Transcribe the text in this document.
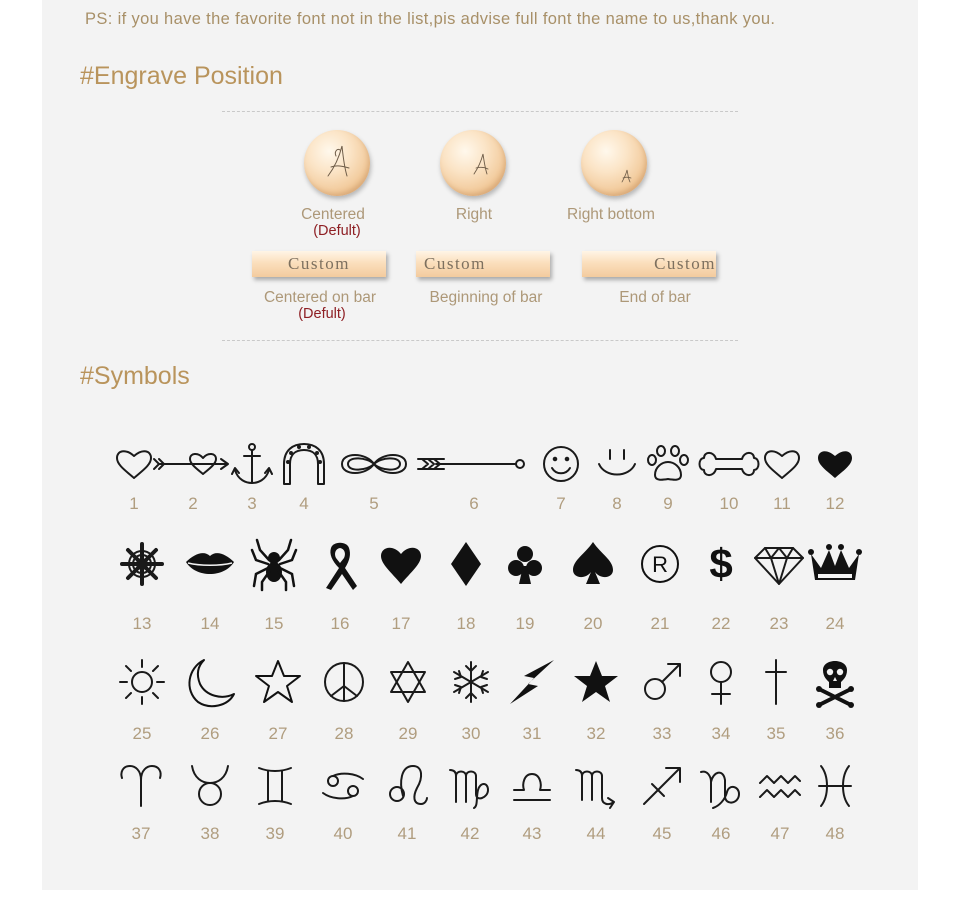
PS: if you have the favorite font not in the list,pis advise full font the name to us,thank you.
#Engrave Position
Centered
(Defult)
Right	Right bottom
Custom	Custom	Custom
Centered on bar
(Defult)
Beginning of bar	End of bar
#Symbols
R $
1	2	3	4	5	6	7	8	9	10	11	12
13	14	15	16	17	18	19	20	21	22	23	24
25	26	27	28	29	30	31	32	33	34	35	36
37	38	39	40	41	42	43	44	45	46	47	48
